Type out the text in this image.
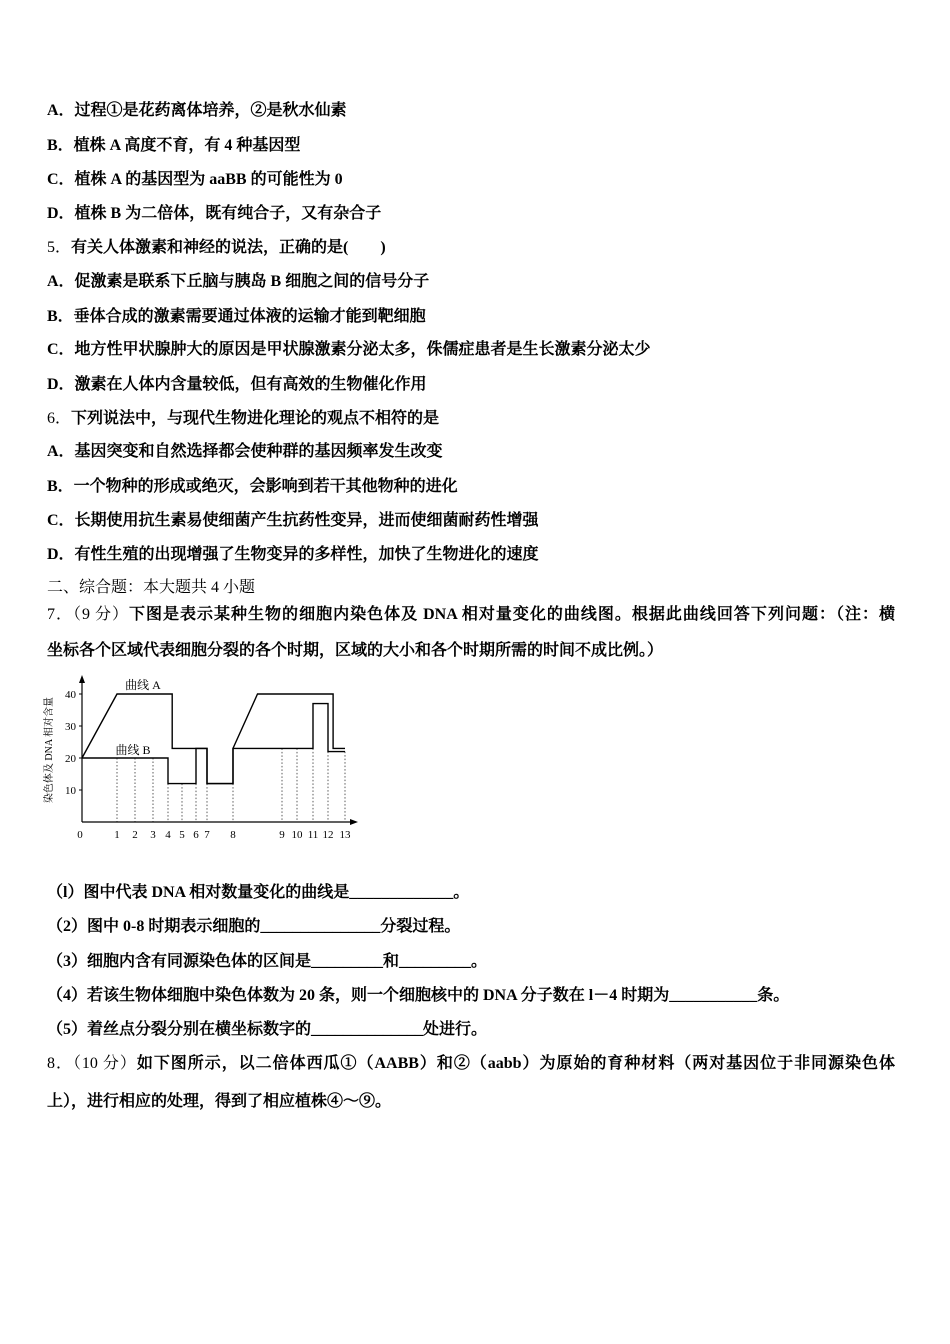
A．过程①是花药离体培养，②是秋水仙素
B．植株 A 高度不育，有 4 种基因型
C．植株 A 的基因型为 aaBB 的可能性为 0
D．植株 B 为二倍体，既有纯合子，又有杂合子
5．有关人体激素和神经的说法，正确的是(　　)
A．促激素是联系下丘脑与胰岛 B 细胞之间的信号分子
B．垂体合成的激素需要通过体液的运输才能到靶细胞
C．地方性甲状腺肿大的原因是甲状腺激素分泌太多，侏儒症患者是生长激素分泌太少
D．激素在人体内含量较低，但有高效的生物催化作用
6．下列说法中，与现代生物进化理论的观点不相符的是
A．基因突变和自然选择都会使种群的基因频率发生改变
B．一个物种的形成或绝灭，会影响到若干其他物种的进化
C．长期使用抗生素易使细菌产生抗药性变异，进而使细菌耐药性增强
D．有性生殖的出现增强了生物变异的多样性，加快了生物进化的速度
二、综合题：本大题共 4 小题
7．（9 分）下图是表示某种生物的细胞内染色体及 DNA 相对量变化的曲线图。根据此曲线回答下列问题：（注：横
坐标各个区域代表细胞分裂的各个时期，区域的大小和各个时期所需的时间不成比例。）
0	1 2 3 4 5 6 7 8	9 10 11 12 13
40
30
20
10
染色体及 DNA 相对含量
曲线 A
曲线 B
（l）图中代表 DNA 相对数量变化的曲线是_____________。
（2）图中 0-8 时期表示细胞的_______________分裂过程。
（3）细胞内含有同源染色体的区间是_________和_________。
（4）若该生物体细胞中染色体数为 20 条，则一个细胞核中的 DNA 分子数在 l－4 时期为___________条。
（5）着丝点分裂分别在横坐标数字的______________处进行。
8．（10 分）如下图所示，以二倍体西瓜①（AABB）和②（aabb）为原始的育种材料（两对基因位于非同源染色体
上），进行相应的处理，得到了相应植株④～⑨。
